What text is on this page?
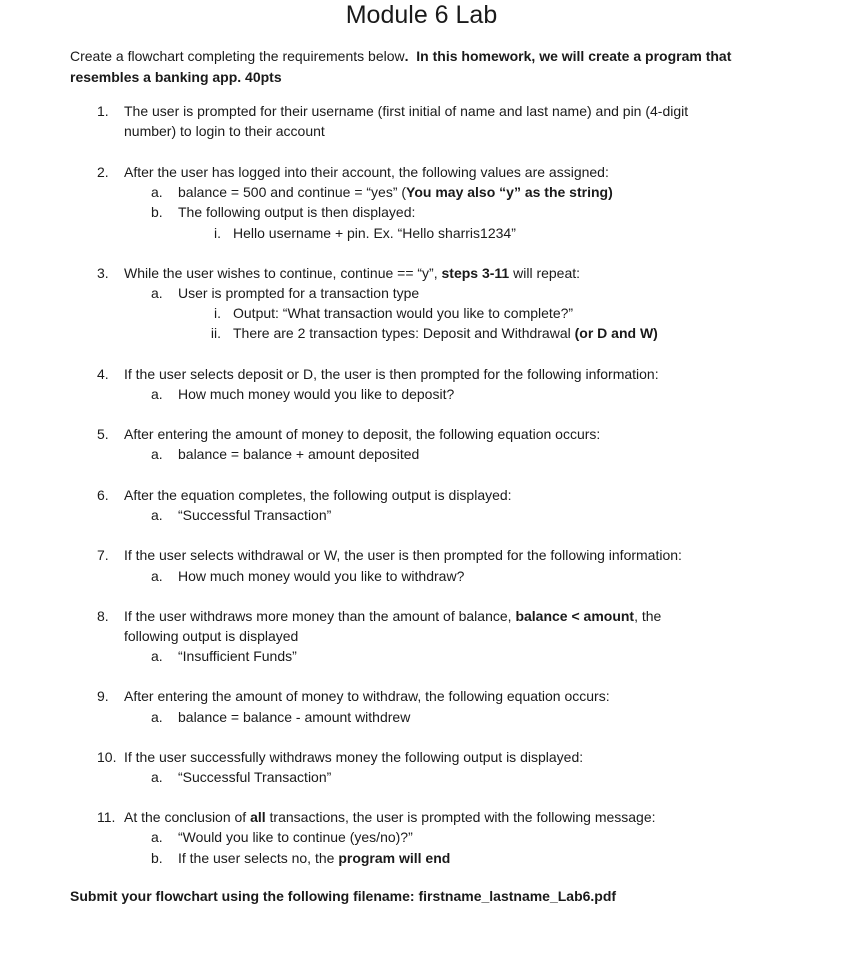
Module 6 Lab
Create a flowchart completing the requirements below. In this homework, we will create a program that resembles a banking app. 40pts
1. The user is prompted for their username (first initial of name and last name) and pin (4-digit
number) to login to their account
2. After the user has logged into their account, the following values are assigned:
a. balance = 500 and continue = “yes” (You may also “y” as the string)
b. The following output is then displayed:
i. Hello username + pin. Ex. “Hello sharris1234”
3. While the user wishes to continue, continue == “y”, steps 3-11 will repeat:
a. User is prompted for a transaction type
i. Output: “What transaction would you like to complete?”
ii. There are 2 transaction types: Deposit and Withdrawal (or D and W)
4. If the user selects deposit or D, the user is then prompted for the following information:
a. How much money would you like to deposit?
5. After entering the amount of money to deposit, the following equation occurs:
a. balance = balance + amount deposited
6. After the equation completes, the following output is displayed:
a. “Successful Transaction”
7. If the user selects withdrawal or W, the user is then prompted for the following information:
a. How much money would you like to withdraw?
8. If the user withdraws more money than the amount of balance, balance < amount, the
following output is displayed
a. “Insufficient Funds”
9. After entering the amount of money to withdraw, the following equation occurs:
a. balance = balance - amount withdrew
10. If the user successfully withdraws money the following output is displayed:
a. “Successful Transaction”
11. At the conclusion of all transactions, the user is prompted with the following message:
a. “Would you like to continue (yes/no)?”
b. If the user selects no, the program will end
Submit your flowchart using the following filename: firstname_lastname_Lab6.pdf
